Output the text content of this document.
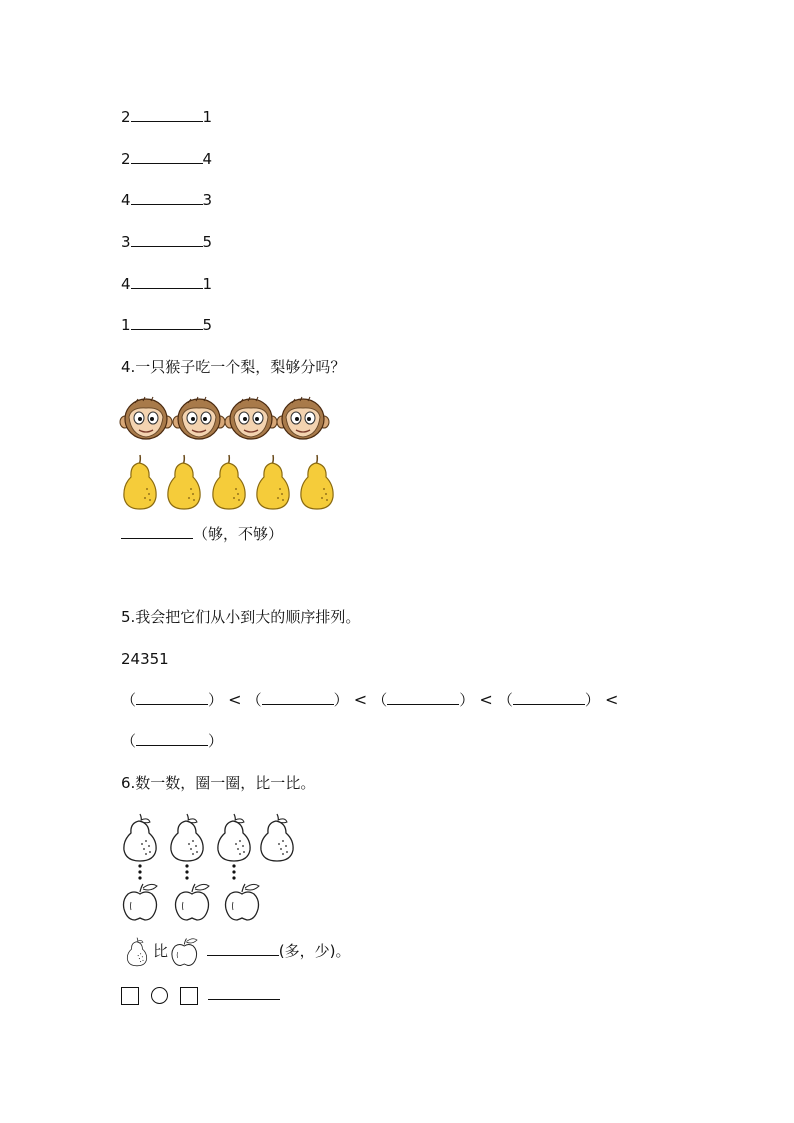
2	1
2	4
4	3
3	5
4	1
1	5
4.一只猴子吃一个梨，梨够分吗？
（够，不够）
5.我会把它们从小到大的顺序排列。
24351
（	） < （	） < （	） < （	） <
（	）
6.数一数，圈一圈，比一比。
比	(多，少)。
